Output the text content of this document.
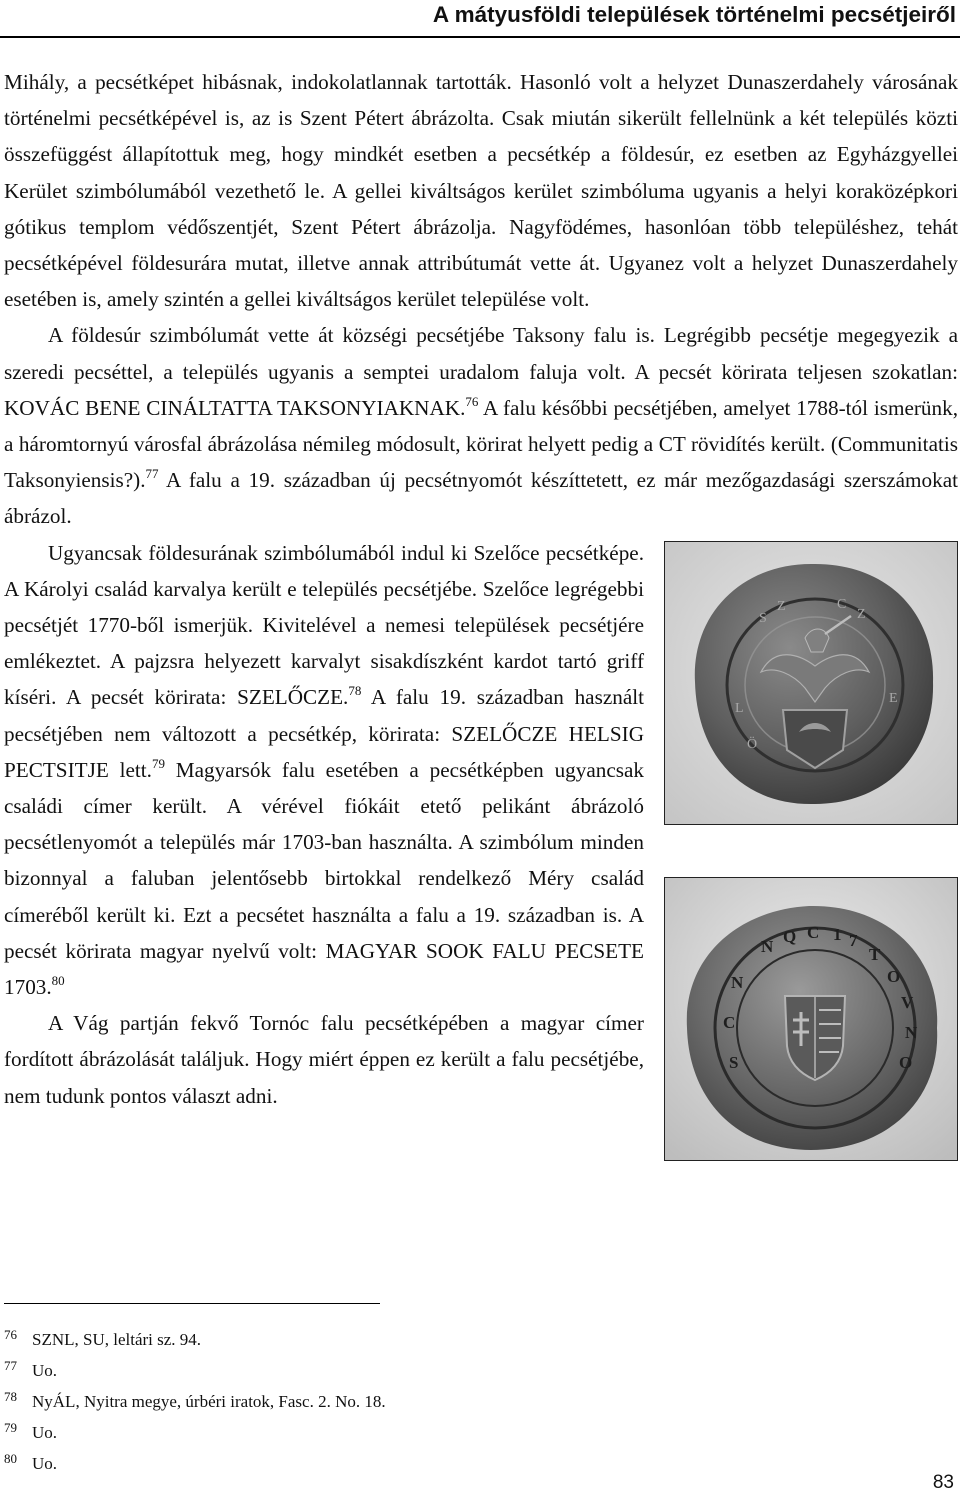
A mátyusföldi települések történelmi pecsétjeiről

Mihály, a pecsétképet hibásnak, indokolatlannak tartották. Hasonló volt a helyzet Dunaszerdahely városának történelmi pecsétképével is, az is Szent Pétert ábrázolta. Csak miután sikerült fellelnünk a két település közti összefüggést állapítottuk meg, hogy mindkét esetben a pecsétkép a földesúr, ez esetben az Egyházgyellei Kerület szimbólumából vezethető le. A gellei kiváltságos kerület szimbóluma ugyanis a helyi koraközépkori gótikus templom védőszentjét, Szent Pétert ábrázolja. Nagyfödémes, hasonlóan több településhez, tehát pecsétképével földesurára mutat, illetve annak attribútumát vette át. Ugyanez volt a helyzet Dunaszerdahely esetében is, amely szintén a gellei kiváltságos kerület települése volt.

A földesúr szimbólumát vette át községi pecsétjébe Taksony falu is. Legrégibb pecsétje megegyezik a szeredi pecséttel, a település ugyanis a semptei uradalom faluja volt. A pecsét körirata teljesen szokatlan: KOVÁC BENE CINÁLTATTA TAKSONYIAKNAK.$^{76}$ A falu későbbi pecsétjében, amelyet 1788-tól ismerünk, a háromtornyú városfal ábrázolása némileg módosult, körirat helyett pedig a CT rövidítés került. (Communitatis Taksonyiensis?).$^{77}$ A falu a 19. században új pecsétnyomót készíttetett, ez már mezőgazdasági szerszámokat ábrázol.

S
Z	C
Z
E
L
Ö
N
Q C 1 7
T
O
V
N
O
N
C
S

Ugyancsak földesurának szimbólumából indul ki Szelőce pecsétképe. A Károlyi család karvalya került e település pecsétjébe. Szelőce legrégebbi pecsétjét 1770-ből ismerjük. Kivitelével a nemesi települések pecsétjére emlékeztet. A pajzsra helyezett karvalyt sisakdíszként kardot tartó griff kíséri. A pecsét körirata: SZELŐCZE.$^{78}$ A falu 19. században használt pecsétjében nem változott a pecsétkép, körirata: SZELŐCZE HELSIG PECTSITJE lett.$^{79}$ Magyarsók falu esetében a pecsétképben ugyancsak családi címer került. A vérével fiókáit etető pelikánt ábrázoló pecsétlenyomót a település már 1703-ban használta. A szimbólum minden bizonnyal a faluban jelentősebb birtokkal rendelkező Méry család címeréből került ki. Ezt a pecsétet használta a falu a 19. században is. A pecsét körirata magyar nyelvű volt: MAGYAR SOOK FALU PECSETE 1703.80

A Vág partján fekvő Tornóc falu pecsétképében a magyar címer fordított ábrázolását találjuk. Hogy miért éppen ez került a falu pecsétjébe, nem tudunk pontos választ adni.

76 SZNL, SU, leltári sz. 94.
77 Uo.
78 NyÁL, Nyitra megye, úrbéri iratok, Fasc. 2. No. 18.
79 Uo.
80 Uo.
83
